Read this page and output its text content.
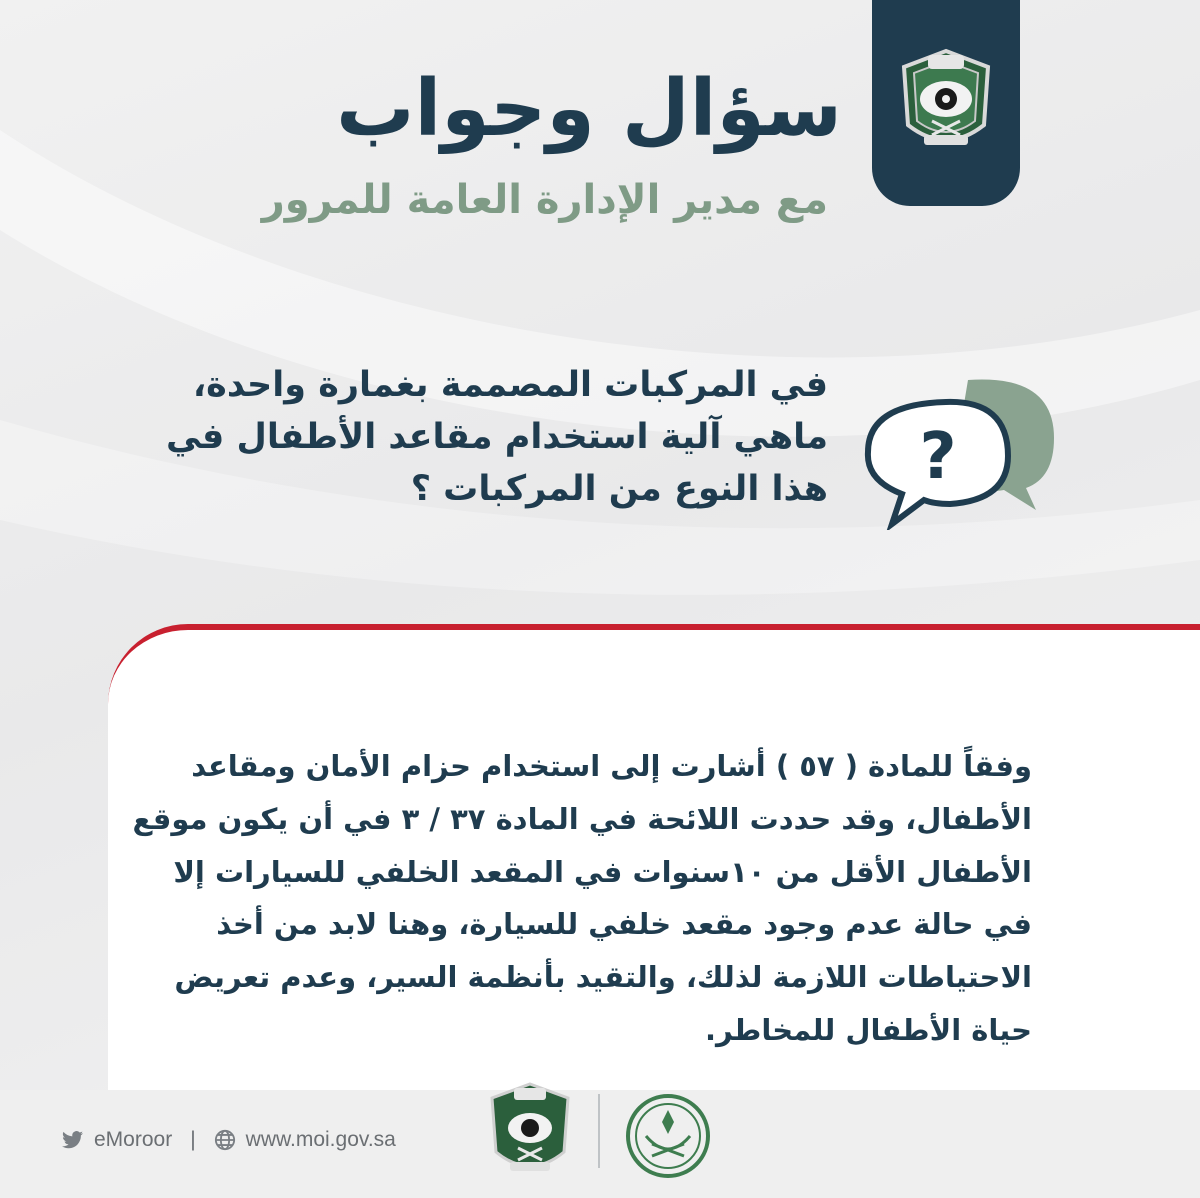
سؤال وجواب
مع مدير الإدارة العامة للمرور
?
في المركبات المصممة بغمارة واحدة، ماهي آلية استخدام مقاعد الأطفال في هذا النوع من المركبات ؟
وفقاً للمادة ( ٥٧ ) أشارت إلى استخدام حزام الأمان ومقاعد الأطفال، وقد حددت اللائحة في المادة ٣٧ / ٣ في أن يكون موقع الأطفال الأقل من ١٠سنوات في المقعد الخلفي للسيارات إلا في حالة عدم وجود مقعد خلفي للسيارة، وهنا لابد من أخذ الاحتياطات اللازمة لذلك، والتقيد بأنظمة السير، وعدم تعريض حياة الأطفال للمخاطر.
eMoroor | www.moi.gov.sa
